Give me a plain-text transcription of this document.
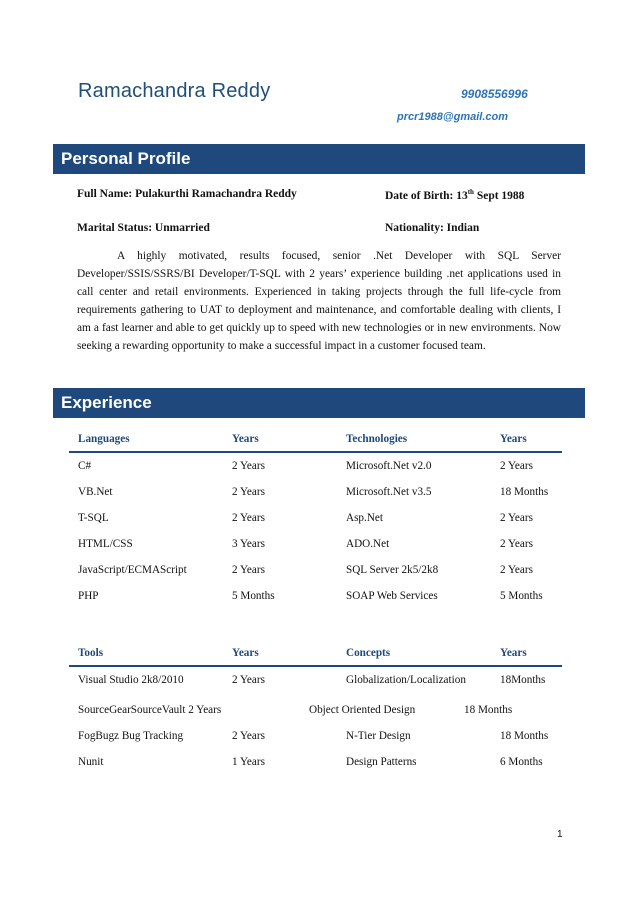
Ramachandra Reddy	9908556996
prcr1988@gmail.com
Personal Profile
Full Name: Pulakurthi Ramachandra Reddy	Date of Birth: 13th Sept 1988
Marital Status: Unmarried	Nationality: Indian

A highly motivated, results focused, senior .Net Developer with SQL Server Developer/SSIS/SSRS/BI Developer/T-SQL with 2 years’ experience building .net applications used in call center and retail environments. Experienced in taking projects through the full life-cycle from requirements gathering to UAT to deployment and maintenance, and comfortable dealing with clients, I am a fast learner and able to get quickly up to speed with new technologies or in new environments. Now seeking a rewarding opportunity to make a successful impact in a customer focused team.

Experience
Languages	Years	Technologies	Years
C#	2 Years	Microsoft.Net v2.0	2 Years
VB.Net	2 Years	Microsoft.Net v3.5	18 Months
T-SQL	2 Years	Asp.Net	2 Years
HTML/CSS	3 Years	ADO.Net	2 Years
JavaScript/ECMAScript	2 Years	SQL Server 2k5/2k8	2 Years
PHP	5 Months	SOAP Web Services	5 Months
Tools	Years	Concepts	Years
Visual Studio 2k8/2010	2 Years	Globalization/Localization	18Months
SourceGearSourceVault 2 Years	Object Oriented Design	18 Months
FogBugz Bug Tracking	2 Years	N-Tier Design	18 Months
Nunit	1 Years	Design Patterns	6 Months
1
